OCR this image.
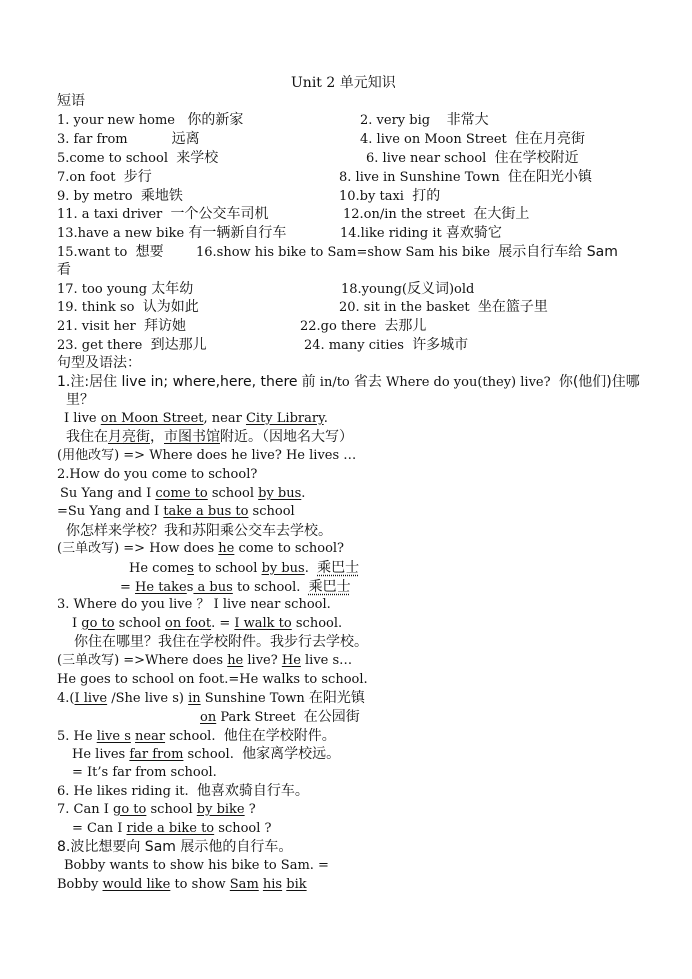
Unit 2 单元知识
短语
1. your new home 你的新家	2. very big 非常大
3. far from	远离	4. live on Moon Street 住在月亮街
5.come to school 来学校	6. live near school 住在学校附近
7.on foot 步行	8. live in Sunshine Town 住在阳光小镇
9. by metro 乘地铁	10.by taxi 打的
11. a taxi driver 一个公交车司机	12.on/in the street 在大街上
13.have a new bike 有一辆新自行车	14.like riding it 喜欢骑它
15.want to 想要 16.show his bike to Sam=show Sam his bike 展示自行车给 Sam
看
17. too young 太年幼	18.young(反义词)old
19. think so 认为如此	20. sit in the basket 坐在篮子里
21. visit her 拜访她	22.go there 去那儿
23. get there 到达那儿	24. many cities 许多城市
句型及语法：
1.注:居住 live in; where,here, there 前 in/to 省去 Where do you(they) live? 你(他们)住哪
里？
I live on Moon Street, near City Library.
我住在月亮街，市图书馆附近。（因地名大写）
(用他改写) => Where does he live? He lives …
2.How do you come to school?
Su Yang and I come to school by bus.
=Su Yang and I take a bus to school
你怎样来学校？我和苏阳乘公交车去学校。
(三单改写) => How does he come to school?
He comes to school by bus. 乘巴士
= He takes a bus to school. 乘巴士
3. Where do you live ？ I live near school.
I go to school on foot. = I walk to school.
你住在哪里？我住在学校附件。我步行去学校。
(三单改写) =>Where does he live? He live s…
He goes to school on foot.=He walks to school.
4.(I live /She live s) in Sunshine Town 在阳光镇
on Park Street 在公园街
5. He live s near school. 他住在学校附件。
He lives far from school. 他家离学校远。
= It’s far from school.
6. He likes riding it. 他喜欢骑自行车。
7. Can I go to school by bike ?
= Can I ride a bike to school ?
8.波比想要向 Sam 展示他的自行车。
Bobby wants to show his bike to Sam. =
Bobby would like to show Sam his bik
